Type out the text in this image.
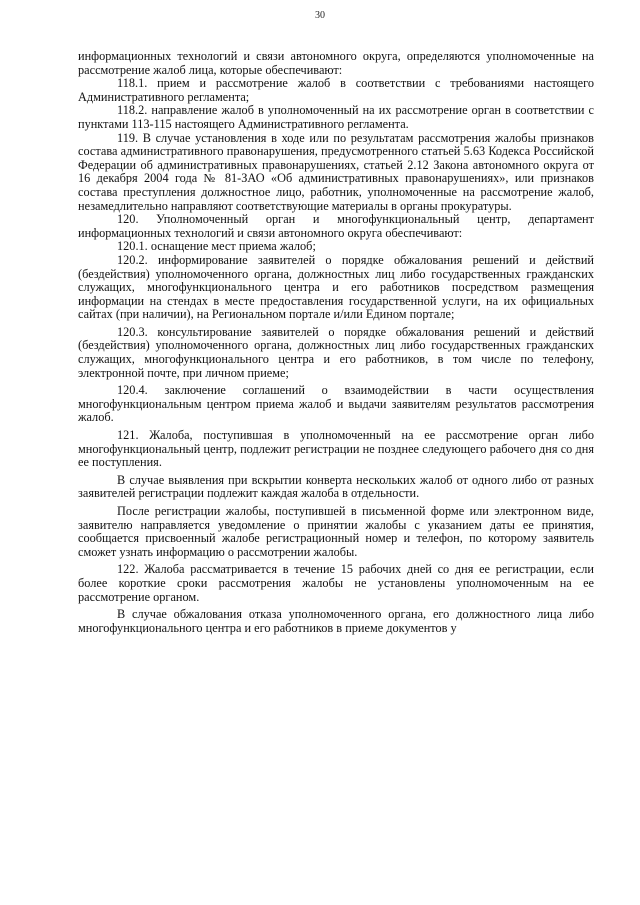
30

информационных технологий и связи автономного округа, определяются уполномоченные на рассмотрение жалоб лица, которые обеспечивают:

118.1. прием и рассмотрение жалоб в соответствии с требованиями настоящего Административного регламента;

118.2. направление жалоб в уполномоченный на их рассмотрение орган в соответствии с пунктами 113-115 настоящего Административного регламента.

119. В случае установления в ходе или по результатам рассмотрения жалобы признаков состава административного правонарушения, предусмотренного статьей 5.63 Кодекса Российской Федерации об административных правонарушениях, статьей 2.12 Закона автономного округа от 16 декабря 2004 года № 81-ЗАО «Об административных правонарушениях», или признаков состава преступления должностное лицо, работник, уполномоченные на рассмотрение жалоб, незамедлительно направляют соответствующие материалы в органы прокуратуры.

120. Уполномоченный орган и многофункциональный центр, департамент информационных технологий и связи автономного округа обеспечивают:

120.1. оснащение мест приема жалоб;

120.2. информирование заявителей о порядке обжалования решений и действий (бездействия) уполномоченного органа, должностных лиц либо государственных гражданских служащих, многофункционального центра и его работников посредством размещения информации на стендах в месте предоставления государственной услуги, на их официальных сайтах (при наличии), на Региональном портале и/или Едином портале;

120.3. консультирование заявителей о порядке обжалования решений и действий (бездействия) уполномоченного органа, должностных лиц либо государственных гражданских служащих, многофункционального центра и его работников, в том числе по телефону, электронной почте, при личном приеме;

120.4. заключение соглашений о взаимодействии в части осуществления многофункциональным центром приема жалоб и выдачи заявителям результатов рассмотрения жалоб.

121. Жалоба, поступившая в уполномоченный на ее рассмотрение орган либо многофункциональный центр, подлежит регистрации не позднее следующего рабочего дня со дня ее поступления.

В случае выявления при вскрытии конверта нескольких жалоб от одного либо от разных заявителей регистрации подлежит каждая жалоба в отдельности.

После регистрации жалобы, поступившей в письменной форме или электронном виде, заявителю направляется уведомление о принятии жалобы с указанием даты ее принятия, сообщается присвоенный жалобе регистрационный номер и телефон, по которому заявитель сможет узнать информацию о рассмотрении жалобы.

122. Жалоба рассматривается в течение 15 рабочих дней со дня ее регистрации, если более короткие сроки рассмотрения жалобы не установлены уполномоченным на ее рассмотрение органом.

В случае обжалования отказа уполномоченного органа, его должностного лица либо многофункционального центра и его работников в приеме документов у
